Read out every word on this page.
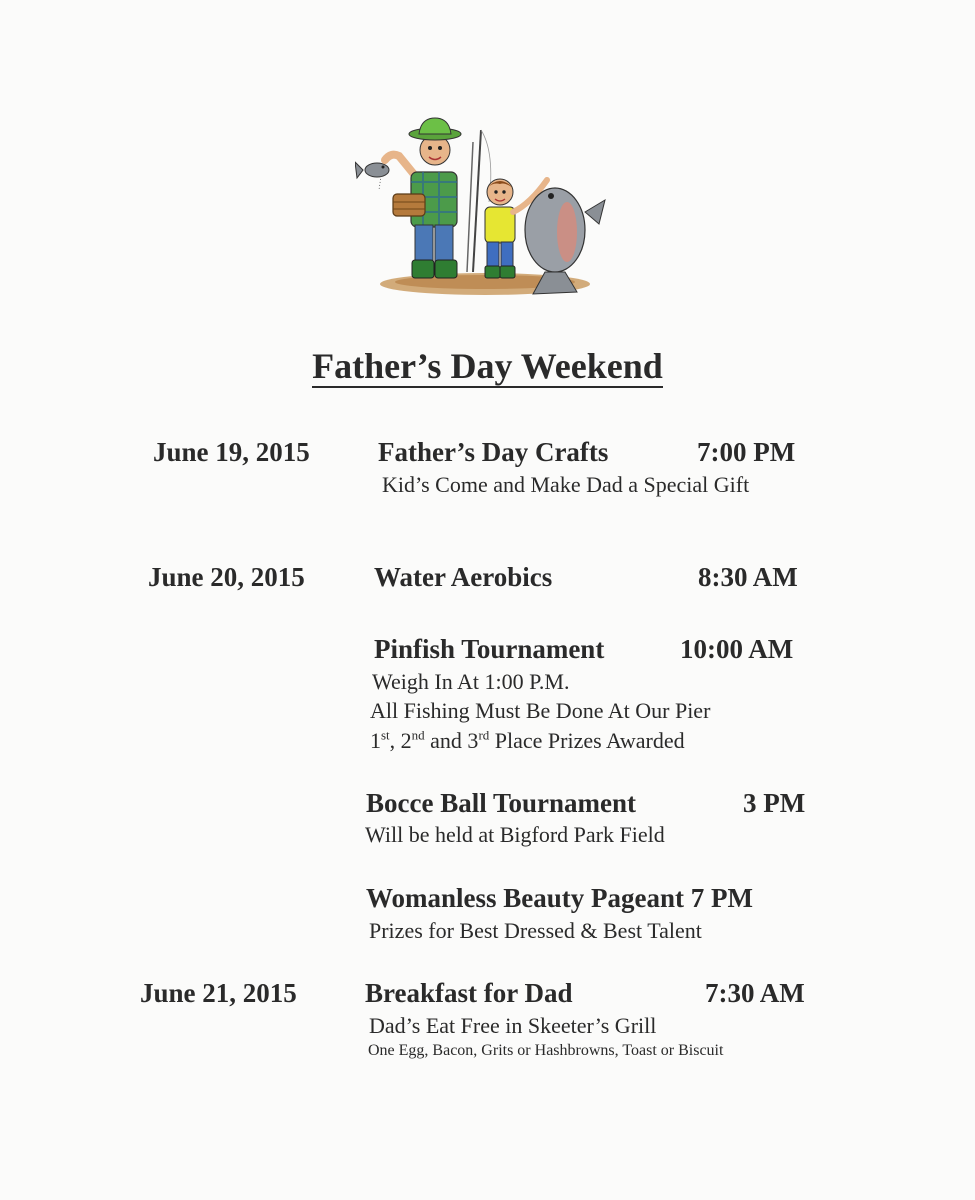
Father’s Day Weekend
June 19, 2015	Father’s Day Crafts	7:00 PM
Kid’s Come and Make Dad a Special Gift
June 20, 2015	Water Aerobics	8:30 AM
Pinfish Tournament	10:00 AM
Weigh In At 1:00 P.M.
All Fishing Must Be Done At Our Pier
1st, 2nd and 3rd Place Prizes Awarded
Bocce Ball Tournament	3 PM
Will be held at Bigford Park Field
Womanless Beauty Pageant 7 PM
Prizes for Best Dressed & Best Talent
June 21, 2015	Breakfast for Dad	7:30 AM
Dad’s Eat Free in Skeeter’s Grill
One Egg, Bacon, Grits or Hashbrowns, Toast or Biscuit
